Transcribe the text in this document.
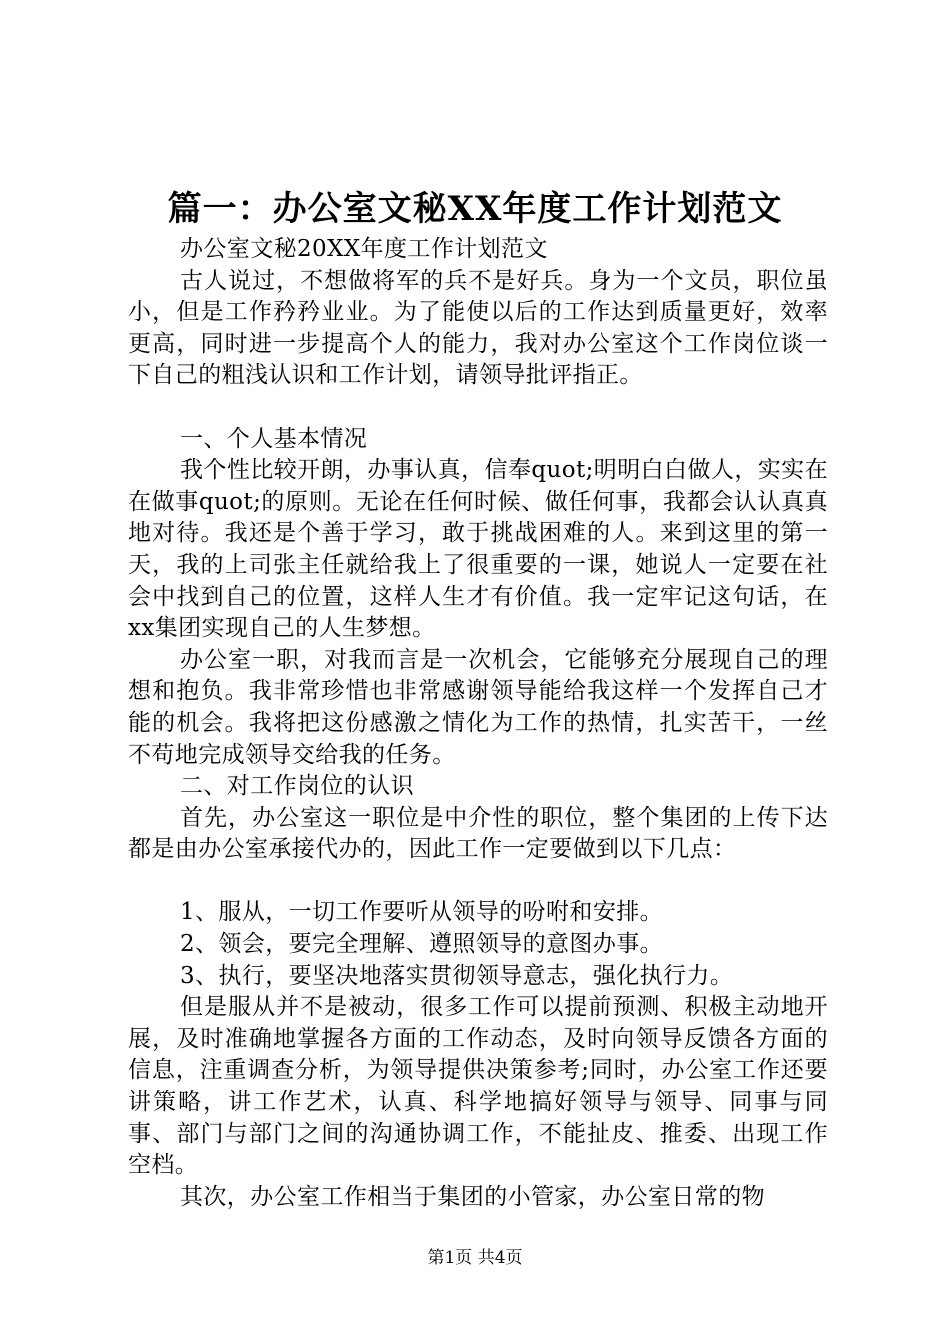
篇一：办公室文秘XX年度工作计划范文

办公室文秘20XX年度工作计划范文

古人说过，不想做将军的兵不是好兵。身为一个文员，职位虽小，但是工作矜矜业业。为了能使以后的工作达到质量更好，效率更高，同时进一步提高个人的能力，我对办公室这个工作岗位谈一下自己的粗浅认识和工作计划，请领导批评指正。

一、个人基本情况

我个性比较开朗，办事认真，信奉quot;明明白白做人，实实在在做事quot;的原则。无论在任何时候、做任何事，我都会认认真真地对待。我还是个善于学习，敢于挑战困难的人。来到这里的第一天，我的上司张主任就给我上了很重要的一课，她说人一定要在社会中找到自己的位置，这样人生才有价值。我一定牢记这句话，在xx集团实现自己的人生梦想。

办公室一职，对我而言是一次机会，它能够充分展现自己的理想和抱负。我非常珍惜也非常感谢领导能给我这样一个发挥自己才能的机会。我将把这份感激之情化为工作的热情，扎实苦干，一丝不苟地完成领导交给我的任务。

二、对工作岗位的认识

首先，办公室这一职位是中介性的职位，整个集团的上传下达都是由办公室承接代办的，因此工作一定要做到以下几点：

1、服从，一切工作要听从领导的吩咐和安排。

2、领会，要完全理解、遵照领导的意图办事。

3、执行，要坚决地落实贯彻领导意志，强化执行力。

但是服从并不是被动，很多工作可以提前预测、积极主动地开展，及时准确地掌握各方面的工作动态，及时向领导反馈各方面的信息，注重调查分析，为领导提供决策参考;同时，办公室工作还要讲策略，讲工作艺术，认真、科学地搞好领导与领导、同事与同事、部门与部门之间的沟通协调工作，不能扯皮、推委、出现工作空档。

其次，办公室工作相当于集团的小管家，办公室日常的物

第1页 共4页
